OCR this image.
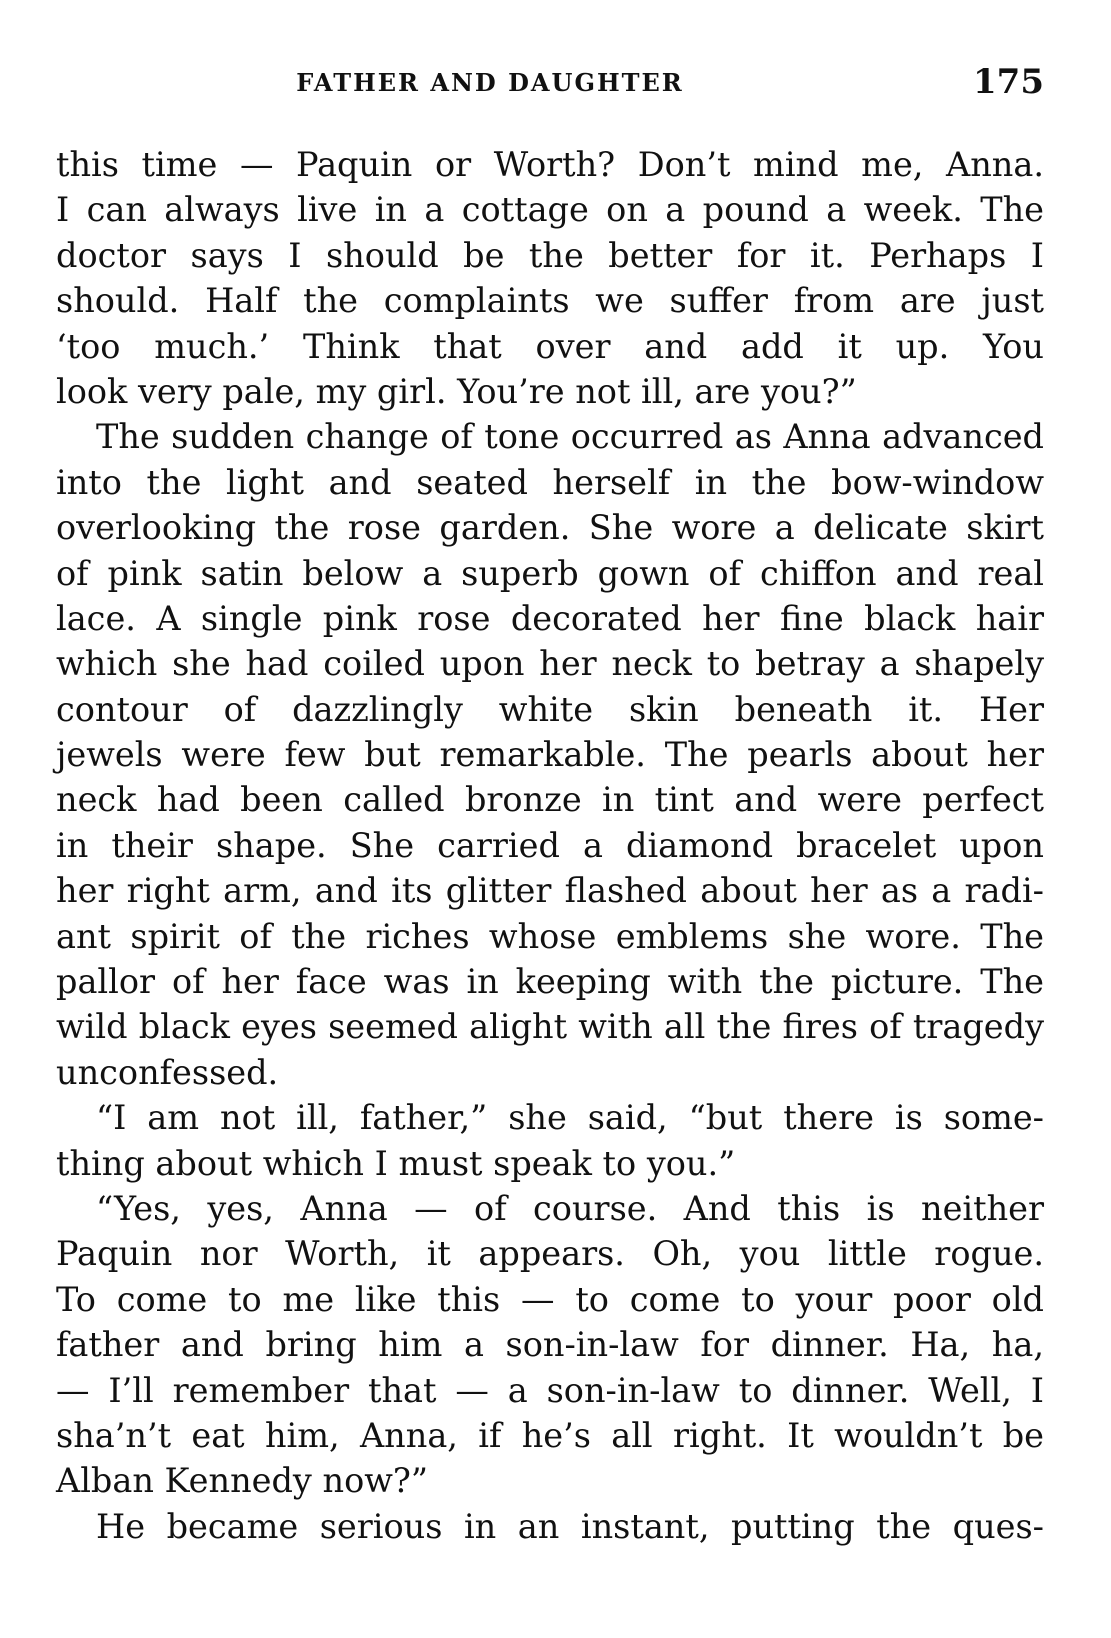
FATHER AND DAUGHTER	175
this time — Paquin or Worth? Don’t mind me, Anna.
I can always live in a cottage on a pound a week. The
doctor says I should be the better for it. Perhaps I
should. Half the complaints we suffer from are just
‘too much.’ Think that over and add it up. You
look very pale, my girl. You’re not ill, are you?”
The sudden change of tone occurred as Anna advanced
into the light and seated herself in the bow-window
overlooking the rose garden. She wore a delicate skirt
of pink satin below a superb gown of chiffon and real
lace. A single pink rose decorated her fine black hair
which she had coiled upon her neck to betray a shapely
contour of dazzlingly white skin beneath it. Her
jewels were few but remarkable. The pearls about her
neck had been called bronze in tint and were perfect
in their shape. She carried a diamond bracelet upon
her right arm, and its glitter flashed about her as a radi-
ant spirit of the riches whose emblems she wore. The
pallor of her face was in keeping with the picture. The
wild black eyes seemed alight with all the fires of tragedy
unconfessed.
“I am not ill, father,” she said, “but there is some-
thing about which I must speak to you.”
“Yes, yes, Anna — of course. And this is neither
Paquin nor Worth, it appears. Oh, you little rogue.
To come to me like this — to come to your poor old
father and bring him a son-in-law for dinner. Ha, ha,
— I’ll remember that — a son-in-law to dinner. Well, I
sha’n’t eat him, Anna, if he’s all right. It wouldn’t be
Alban Kennedy now?”
He became serious in an instant, putting the ques-
